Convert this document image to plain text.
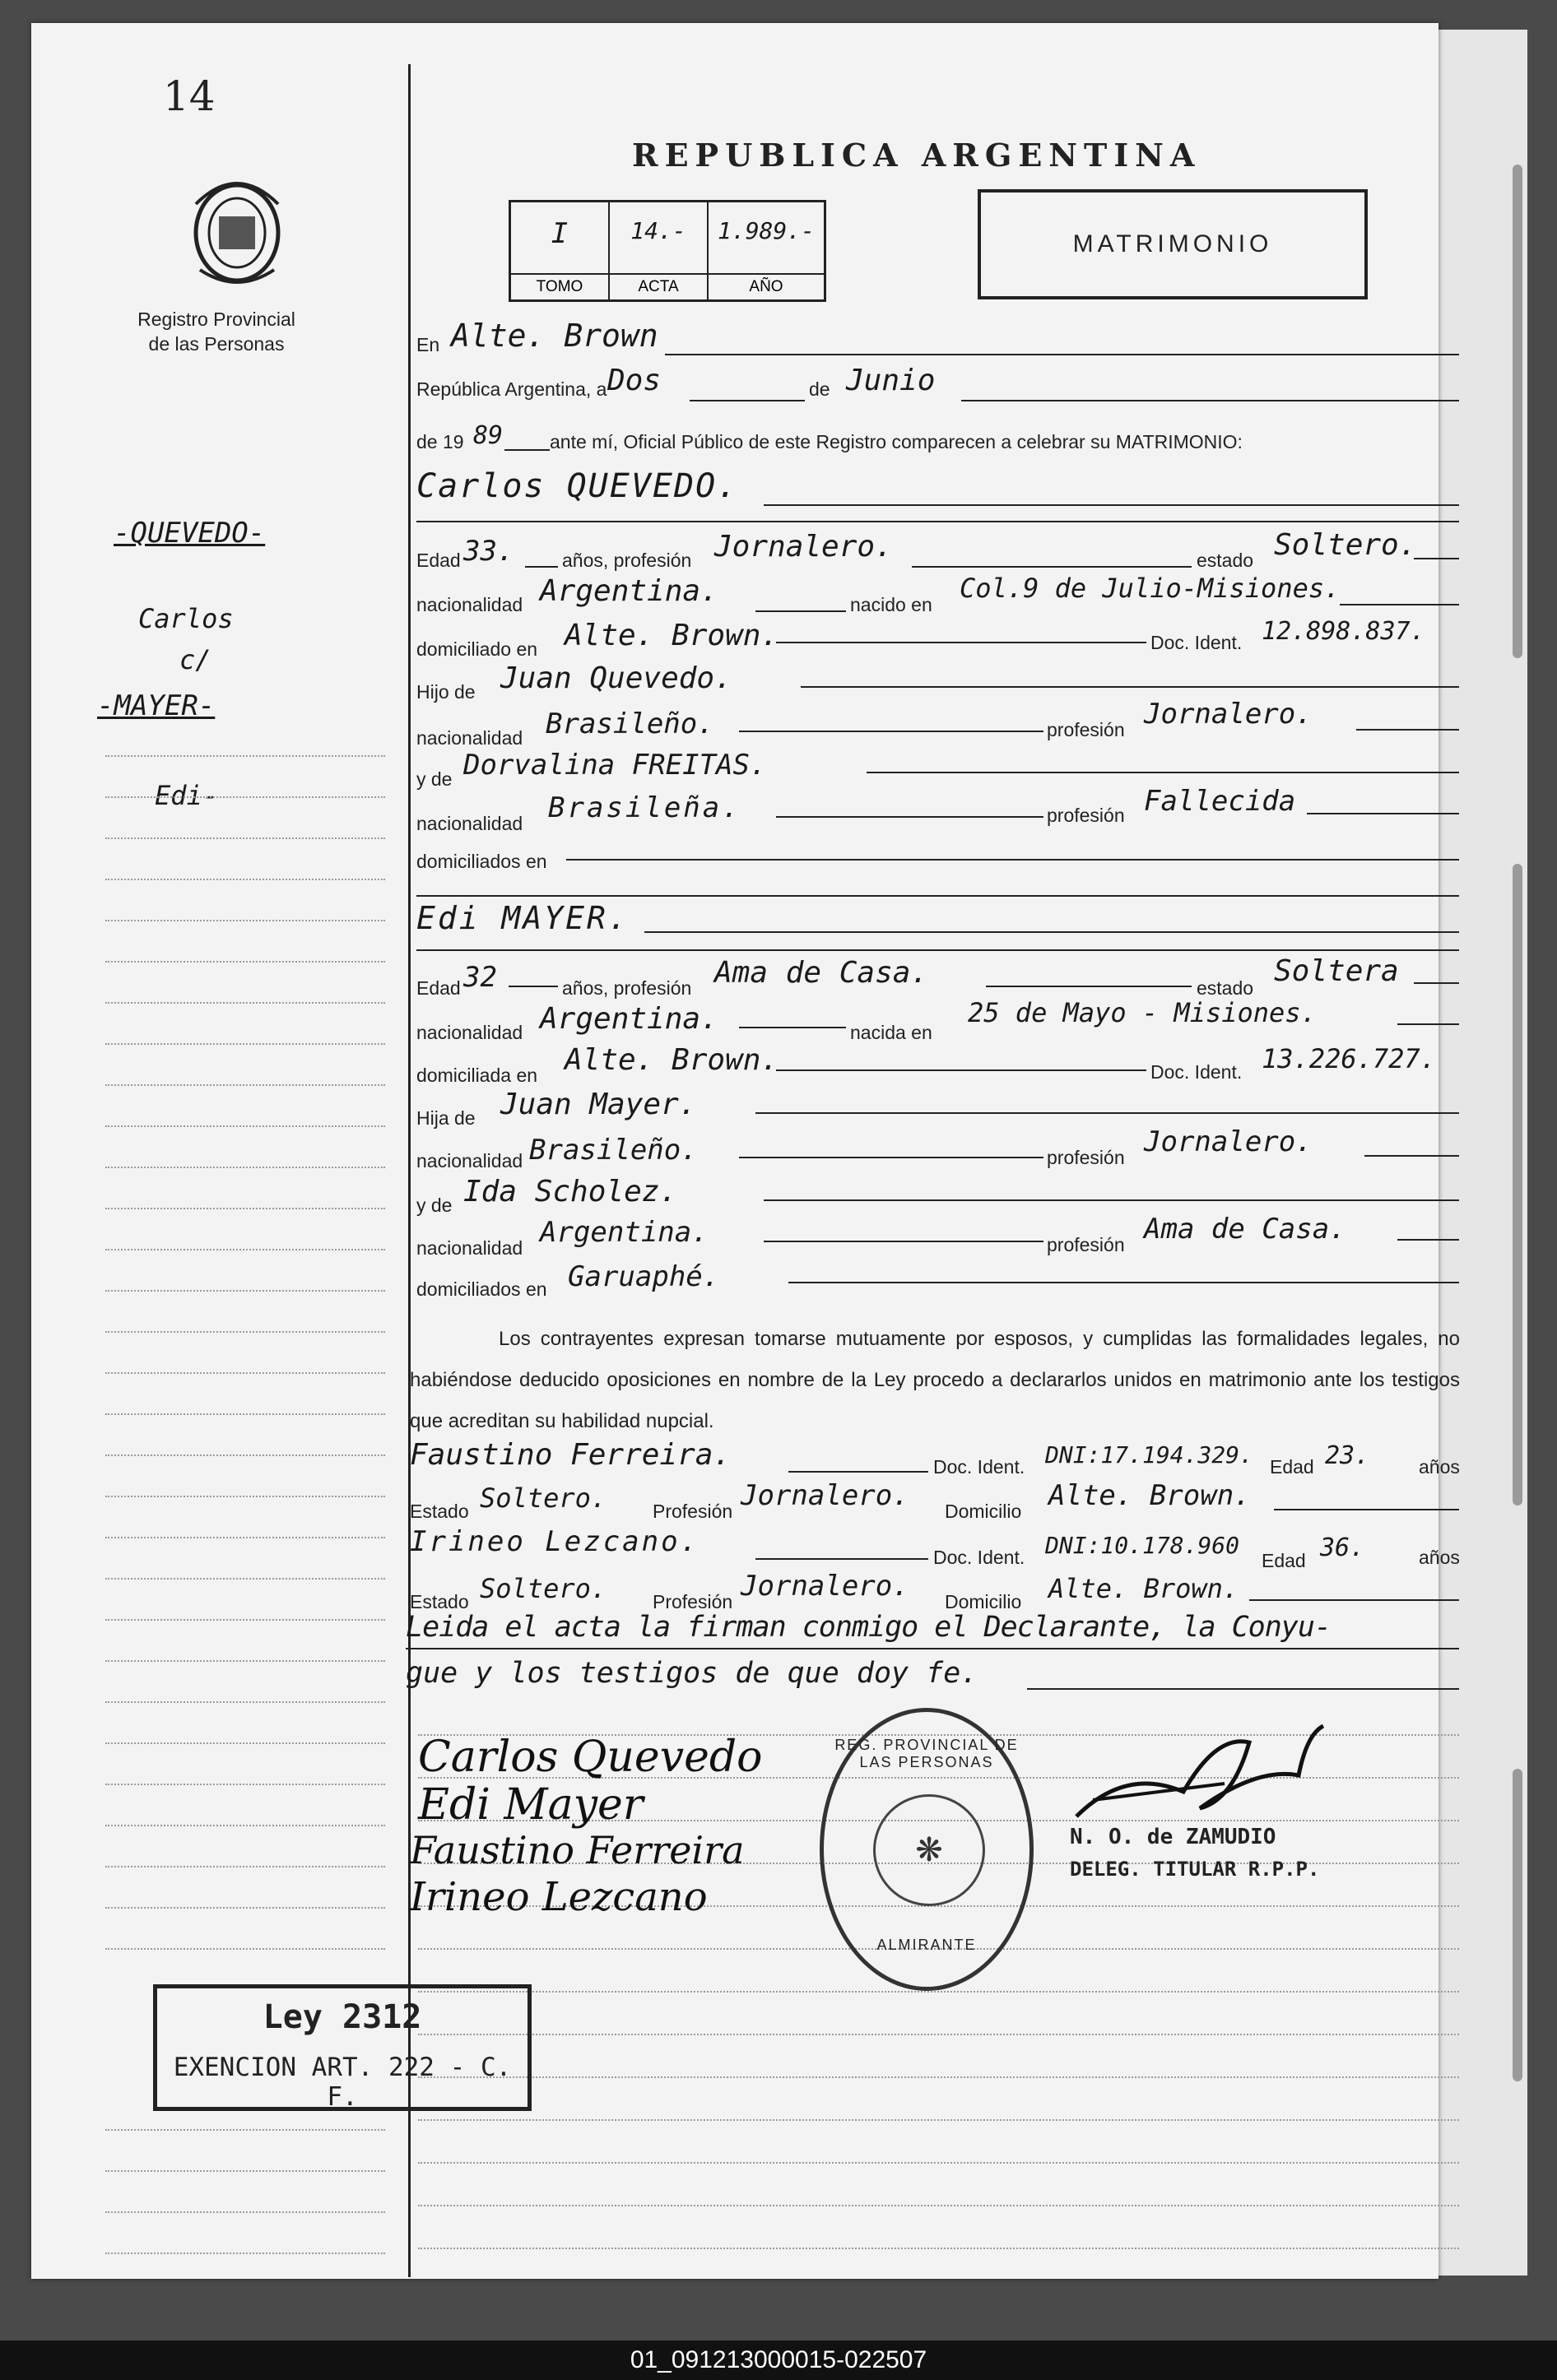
14
Registro Provincial
de las Personas
-QUEVEDO-
Carlos
c/
-MAYER-
Edi-
REPUBLICA ARGENTINA
I
TOMO
14.-
ACTA
1.989.-
AÑO
MATRIMONIO
En Alte. Brown
República Argentina, a Dos	de Junio
de 19 89 ante mí, Oficial Público de este Registro comparecen a celebrar su MATRIMONIO:
Carlos QUEVEDO.
Edad 33.	años, profesión Jornalero.	estado Soltero.
nacionalidad Argentina.	nacido en
Col.9 de Julio-Misiones.
domiciliado en Alte. Brown.	Doc. Ident. 12.898.837.
Hijo de Juan Quevedo.
nacionalidad Brasileño.	profesión Jornalero.
y de Dorvalina FREITAS.
nacionalidad Brasileña.	profesión Fallecida
domiciliados en
Edi MAYER.
Edad 32	años, profesión Ama de Casa.	estado Soltera
nacionalidad Argentina.	nacida en
25 de Mayo - Misiones.
domiciliada en Alte. Brown.	Doc. Ident. 13.226.727.
Hija de Juan Mayer.
nacionalidad Brasileño.	profesión Jornalero.
y de Ida Scholez.
nacionalidad Argentina.	profesión Ama de Casa.
domiciliados en Garuaphé.
Los contrayentes expresan tomarse mutuamente por esposos, y cumplidas las formalidades legales, no habiéndose deducido oposiciones en nombre de la Ley procedo a declararlos unidos en matrimonio ante los testigos que acreditan su habilidad nupcial.
Faustino Ferreira.	Doc. Ident. DNI:17.194.329. Edad 23.	años
Estado Soltero. Profesión Jornalero. Domicilio Alte. Brown.
Irineo Lezcano.	Doc. Ident. DNI:10.178.960
Edad 36.	años
Estado Soltero. Profesión Jornalero. Domicilio Alte. Brown.
Leida el acta la firman conmigo el Declarante, la Conyu-
gue y los testigos de que doy fe.
Carlos Quevedo
Edi Mayer
Faustino Ferreira
Irineo Lezcano
REG. PROVINCIAL DE LAS PERSONAS
❋
ALMIRANTE
N. O. de ZAMUDIO
DELEG. TITULAR R.P.P.
Ley 2312
EXENCION ART. 222 - C. F.
01_091213000015-022507
